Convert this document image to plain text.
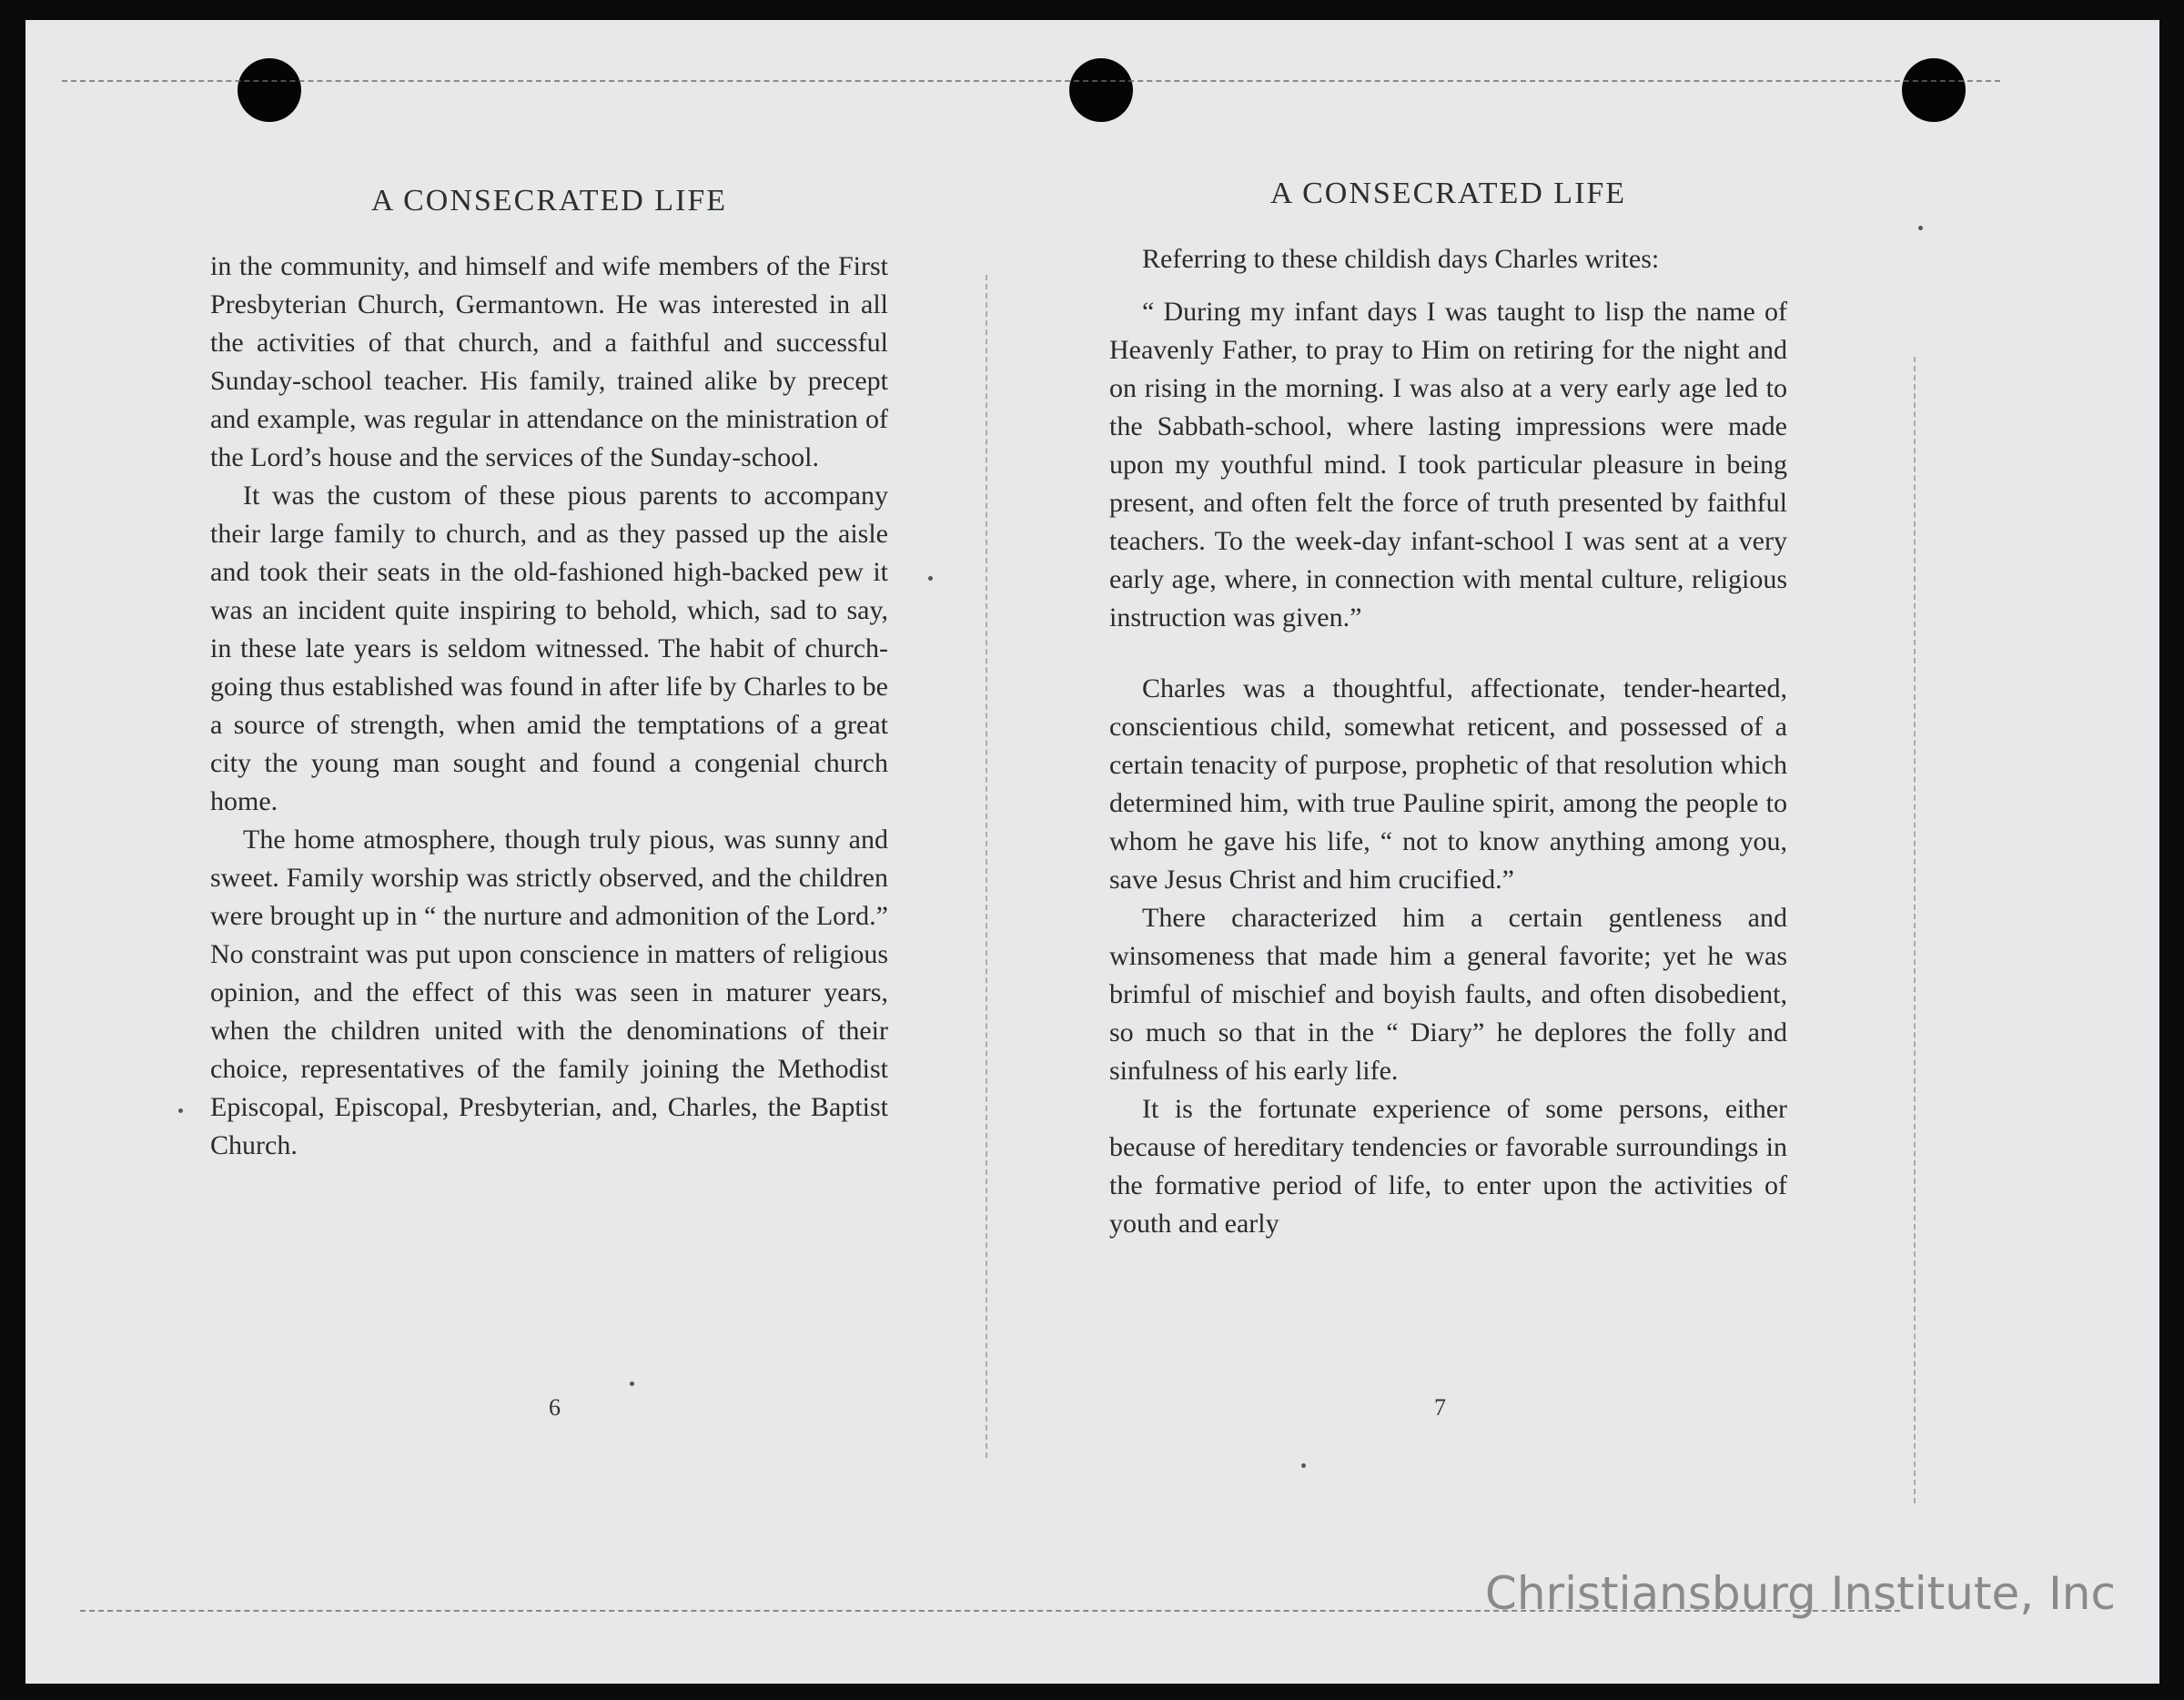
A CONSECRATED LIFE

in the community, and himself and wife members of the First Presbyterian Church, Germantown. He was interested in all the activities of that church, and a faithful and successful Sunday-school teacher. His family, trained alike by precept and example, was regular in attendance on the ministration of the Lord’s house and the services of the Sunday-school.

It was the custom of these pious parents to accompany their large family to church, and as they passed up the aisle and took their seats in the old-fashioned high-backed pew it was an incident quite inspiring to behold, which, sad to say, in these late years is seldom witnessed. The habit of church-going thus established was found in after life by Charles to be a source of strength, when amid the temptations of a great city the young man sought and found a congenial church home.

The home atmosphere, though truly pious, was sunny and sweet. Family worship was strictly observed, and the children were brought up in “ the nurture and admonition of the Lord.” No constraint was put upon conscience in matters of religious opinion, and the effect of this was seen in maturer years, when the children united with the denominations of their choice, representatives of the family joining the Methodist Episcopal, Episcopal, Presbyterian, and, Charles, the Baptist Church.

6
A CONSECRATED LIFE

Referring to these childish days Charles writes:

“ During my infant days I was taught to lisp the name of Heavenly Father, to pray to Him on retiring for the night and on rising in the morning. I was also at a very early age led to the Sabbath-school, where lasting impressions were made upon my youthful mind. I took particular pleasure in being present, and often felt the force of truth presented by faithful teachers. To the week-day infant-school I was sent at a very early age, where, in connection with mental culture, religious instruction was given.”

Charles was a thoughtful, affectionate, tender-hearted, conscientious child, somewhat reticent, and possessed of a certain tenacity of purpose, prophetic of that resolution which determined him, with true Pauline spirit, among the people to whom he gave his life, “ not to know anything among you, save Jesus Christ and him crucified.”

There characterized him a certain gentleness and winsomeness that made him a general favorite; yet he was brimful of mischief and boyish faults, and often disobedient, so much so that in the “ Diary” he deplores the folly and sinfulness of his early life.

It is the fortunate experience of some persons, either because of hereditary tendencies or favorable surroundings in the formative period of life, to enter upon the activities of youth and early

7
Christiansburg Institute, Inc
